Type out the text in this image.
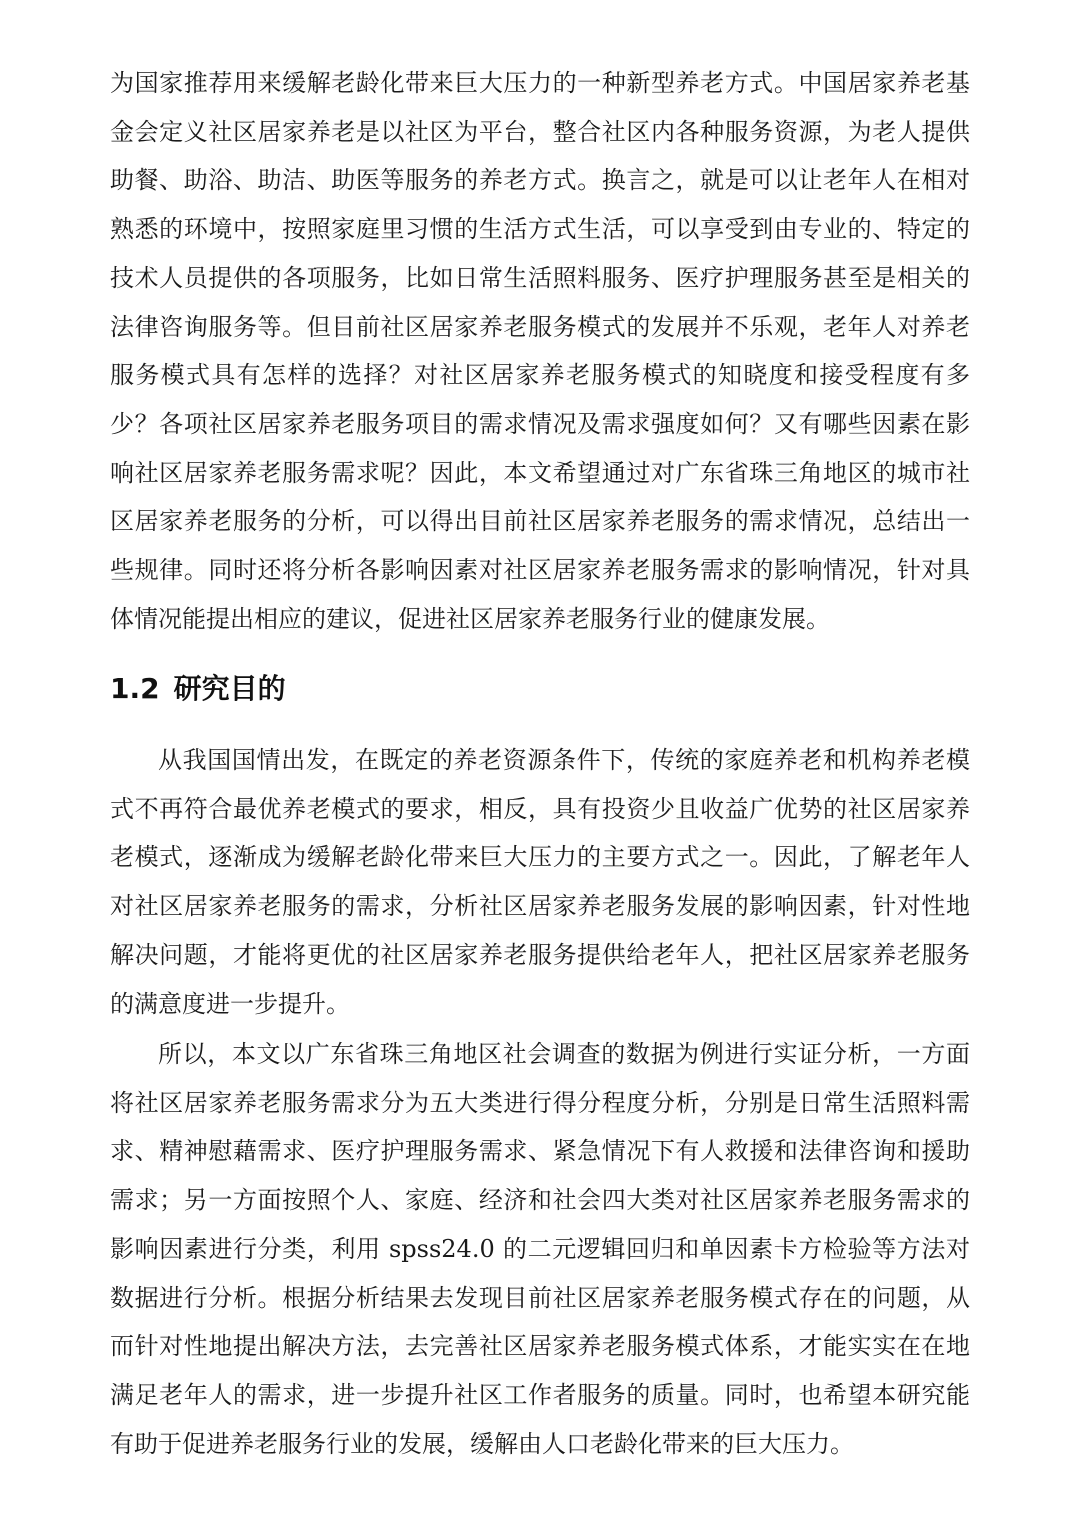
为国家推荐用来缓解老龄化带来巨大压力的一种新型养老方式。中国居家养老基金会定义社区居家养老是以社区为平台，整合社区内各种服务资源，为老人提供助餐、助浴、助洁、助医等服务的养老方式。换言之，就是可以让老年人在相对熟悉的环境中，按照家庭里习惯的生活方式生活，可以享受到由专业的、特定的技术人员提供的各项服务，比如日常生活照料服务、医疗护理服务甚至是相关的法律咨询服务等。但目前社区居家养老服务模式的发展并不乐观，老年人对养老服务模式具有怎样的选择？对社区居家养老服务模式的知晓度和接受程度有多少？各项社区居家养老服务项目的需求情况及需求强度如何？又有哪些因素在影响社区居家养老服务需求呢？因此，本文希望通过对广东省珠三角地区的城市社区居家养老服务的分析，可以得出目前社区居家养老服务的需求情况，总结出一些规律。同时还将分析各影响因素对社区居家养老服务需求的影响情况，针对具体情况能提出相应的建议，促进社区居家养老服务行业的健康发展。

1.2 研究目的

从我国国情出发，在既定的养老资源条件下，传统的家庭养老和机构养老模式不再符合最优养老模式的要求，相反，具有投资少且收益广优势的社区居家养老模式，逐渐成为缓解老龄化带来巨大压力的主要方式之一。因此，了解老年人对社区居家养老服务的需求，分析社区居家养老服务发展的影响因素，针对性地解决问题，才能将更优的社区居家养老服务提供给老年人，把社区居家养老服务的满意度进一步提升。

所以，本文以广东省珠三角地区社会调查的数据为例进行实证分析，一方面将社区居家养老服务需求分为五大类进行得分程度分析，分别是日常生活照料需求、精神慰藉需求、医疗护理服务需求、紧急情况下有人救援和法律咨询和援助需求；另一方面按照个人、家庭、经济和社会四大类对社区居家养老服务需求的影响因素进行分类，利用 spss24.0 的二元逻辑回归和单因素卡方检验等方法对数据进行分析。根据分析结果去发现目前社区居家养老服务模式存在的问题，从而针对性地提出解决方法，去完善社区居家养老服务模式体系，才能实实在在地满足老年人的需求，进一步提升社区工作者服务的质量。同时，也希望本研究能有助于促进养老服务行业的发展，缓解由人口老龄化带来的巨大压力。
